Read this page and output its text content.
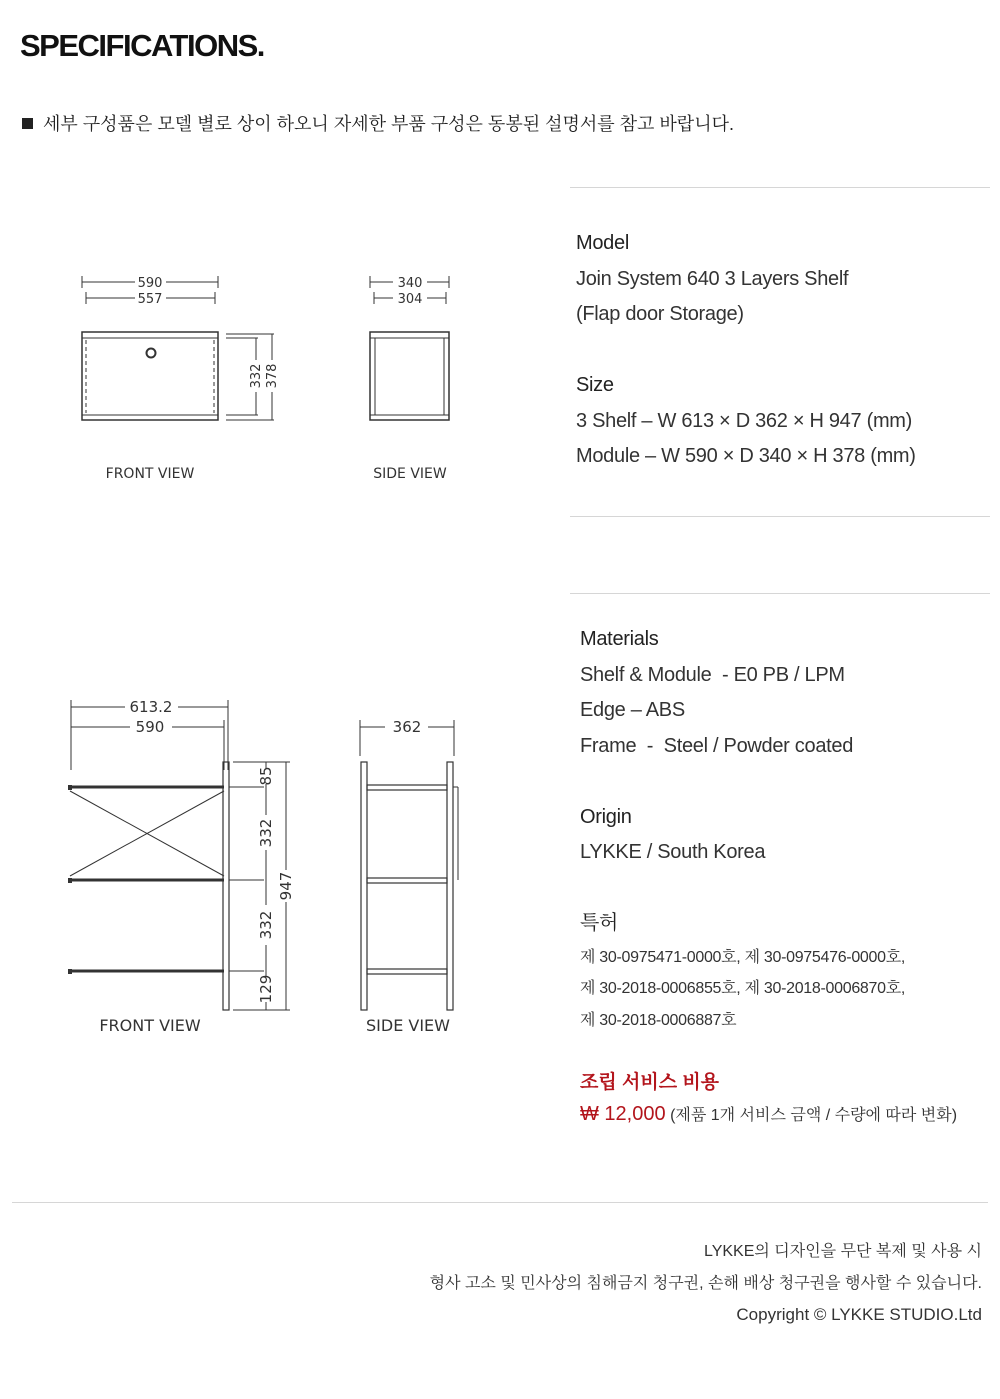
SPECIFICATIONS.
세부 구성품은 모델 별로 상이 하오니 자세한 부품 구성은 동봉된 설명서를 참고 바랍니다.
590
557
332 378
340
304
FRONT VIEW	SIDE VIEW
613.2
590
85
332
332
129
947
362
FRONT VIEW	SIDE VIEW
Model
Join System 640 3 Layers Shelf
(Flap door Storage)
Size
3 Shelf – W 613 × D 362 × H 947 (mm)
Module – W 590 × D 340 × H 378 (mm)
Materials
Shelf & Module  - E0 PB / LPM
Edge – ABS
Frame  -  Steel / Powder coated
Origin
LYKKE / South Korea
특허
제 30-0975471-0000호, 제 30-0975476-0000호,
제 30-2018-0006855호, 제 30-2018-0006870호,
제 30-2018-0006887호
조립 서비스 비용
₩ 12,000 (제품 1개 서비스 금액 / 수량에 따라 변화)
LYKKE의 디자인을 무단 복제 및 사용 시
형사 고소 및 민사상의 침해금지 청구권, 손해 배상 청구권을 행사할 수 있습니다.
Copyright © LYKKE STUDIO.Ltd
